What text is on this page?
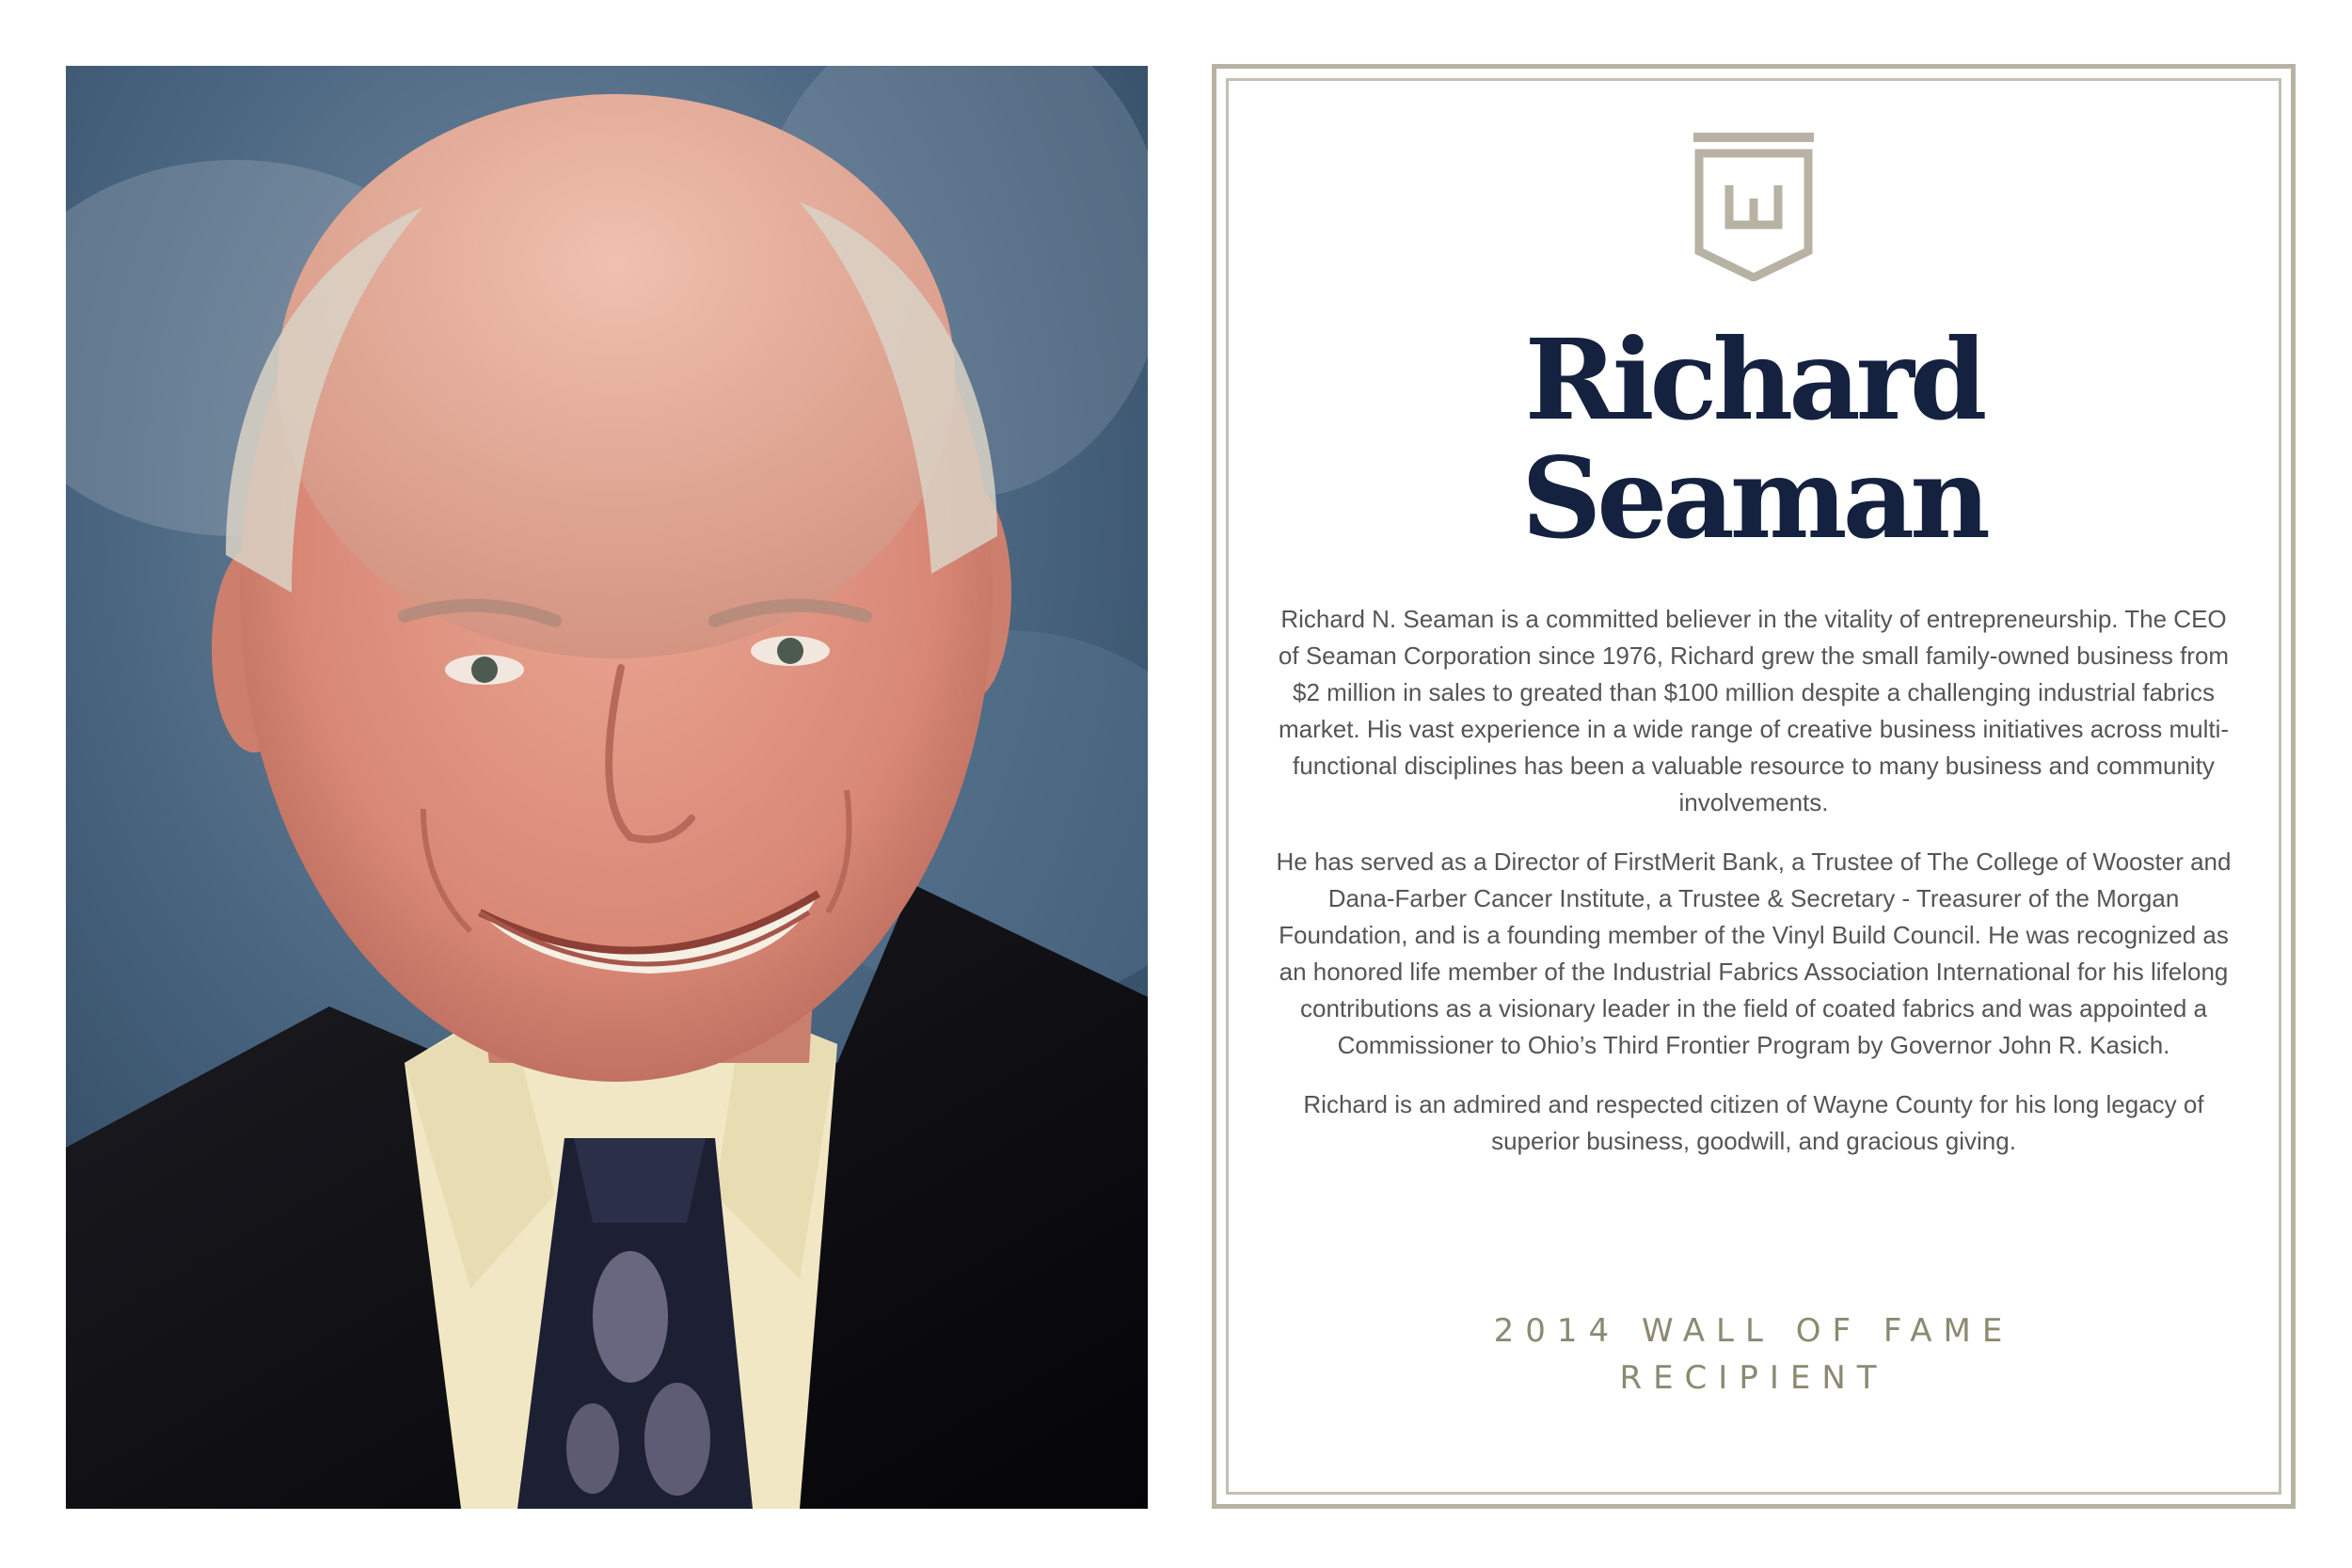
Richard
Seaman

Richard N. Seaman is a committed believer in the vitality of entrepreneurship. The CEO of Seaman Corporation since 1976, Richard grew the small family-owned business from $2 million in sales to greated than $100 million despite a challenging industrial fabrics market. His vast experience in a wide range of creative business initiatives across multi-functional disciplines has been a valuable resource to many business and community involvements.

He has served as a Director of FirstMerit Bank, a Trustee of The College of Wooster and Dana-Farber Cancer Institute, a Trustee & Secretary - Treasurer of the Morgan Foundation, and is a founding member of the Vinyl Build Council. He was recognized as an honored life member of the Industrial Fabrics Association International for his lifelong contributions as a visionary leader in the field of coated fabrics and was appointed a Commissioner to Ohio’s Third Frontier Program by Governor John R. Kasich.

Richard is an admired and respected citizen of Wayne County for his long legacy of superior business, goodwill, and gracious giving.

2014 WALL OF FAME
RECIPIENT
